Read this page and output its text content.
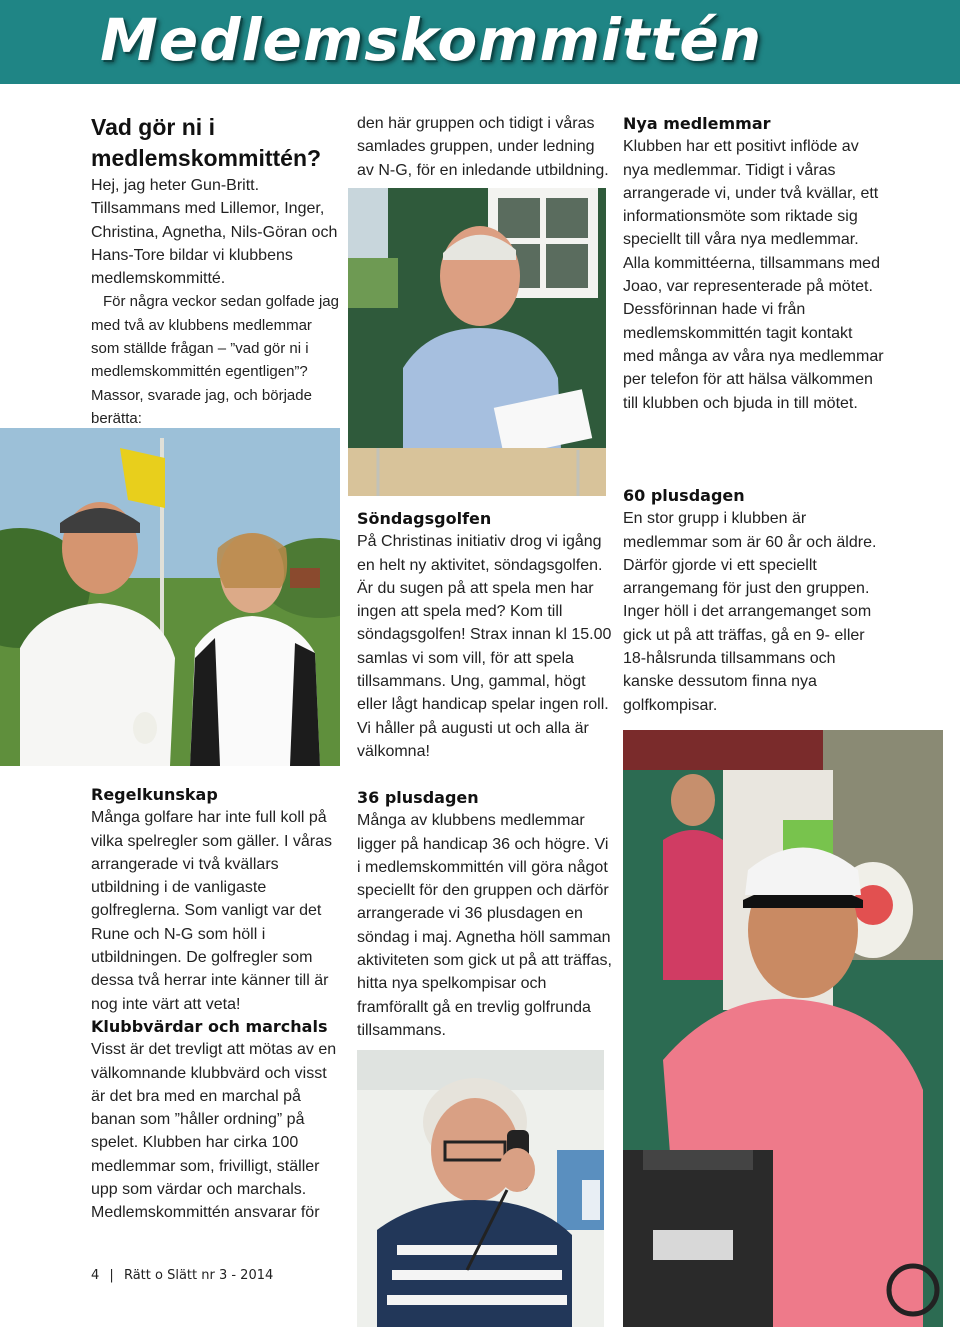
Medlemskommittén

Vad gör ni i medlemskommittén?

Hej, jag heter Gun-Britt. Tillsammans med Lillemor, Inger, Christina, Agnetha, Nils-Göran och Hans-Tore bildar vi klubbens medlemskommitté.

För några veckor sedan golfade jag med två av klubbens medlemmar som ställde frågan – ”vad gör ni i medlemskommittén egentligen”?

Massor, svarade jag, och började berätta:

den här gruppen och tidigt i våras samlades gruppen, under ledning av N-G, för en inledande utbildning.

Nya medlemmar

Klubben har ett positivt inflöde av nya medlemmar. Tidigt i våras arrangerade vi, under två kvällar, ett informationsmöte som riktade sig speciellt till våra nya medlemmar. Alla kommittéerna, tillsammans med Joao, var representerade på mötet. Dessförinnan hade vi från medlemskommittén tagit kontakt med många av våra nya medlemmar per telefon för att hälsa välkommen till klubben och bjuda in till mötet.

Söndagsgolfen

På Christinas initiativ drog vi igång en helt ny aktivitet, söndagsgolfen. Är du sugen på att spela men har ingen att spela med? Kom till söndagsgolfen! Strax innan kl 15.00 samlas vi som vill, för att spela tillsammans. Ung, gammal, högt eller lågt handicap spelar ingen roll. Vi håller på augusti ut och alla är välkomna!

60 plusdagen

En stor grupp i klubben är medlemmar som är 60 år och äldre. Därför gjorde vi ett speciellt arrangemang för just den gruppen. Inger höll i det arrangemanget som gick ut på att träffas, gå en 9- eller 18-hålsrunda tillsammans och kanske dessutom finna nya golfkompisar.

Regelkunskap

Många golfare har inte full koll på vilka spelregler som gäller. I våras arrangerade vi två kvällars utbildning i de vanligaste golfreglerna. Som vanligt var det Rune och N-G som höll i utbildningen. De golfregler som dessa två herrar inte känner till är nog inte värt att veta!

Klubbvärdar och marchals

Visst är det trevligt att mötas av en välkomnande klubbvärd och visst är det bra med en marchal på banan som ”håller ordning” på spelet. Klubben har cirka 100 medlemmar som, frivilligt, ställer upp som värdar och marchals. Medlemskommittén ansvarar för

36 plusdagen

Många av klubbens medlemmar ligger på handicap 36 och högre. Vi i medlemskommittén vill göra något speciellt för den gruppen och därför arrangerade vi 36 plusdagen en söndag i maj. Agnetha höll samman aktiviteten som gick ut på att träffas, hitta nya spelkompisar och framförallt gå en trevlig golfrunda tillsammans.

4 | Rätt o Slätt nr 3 - 2014
